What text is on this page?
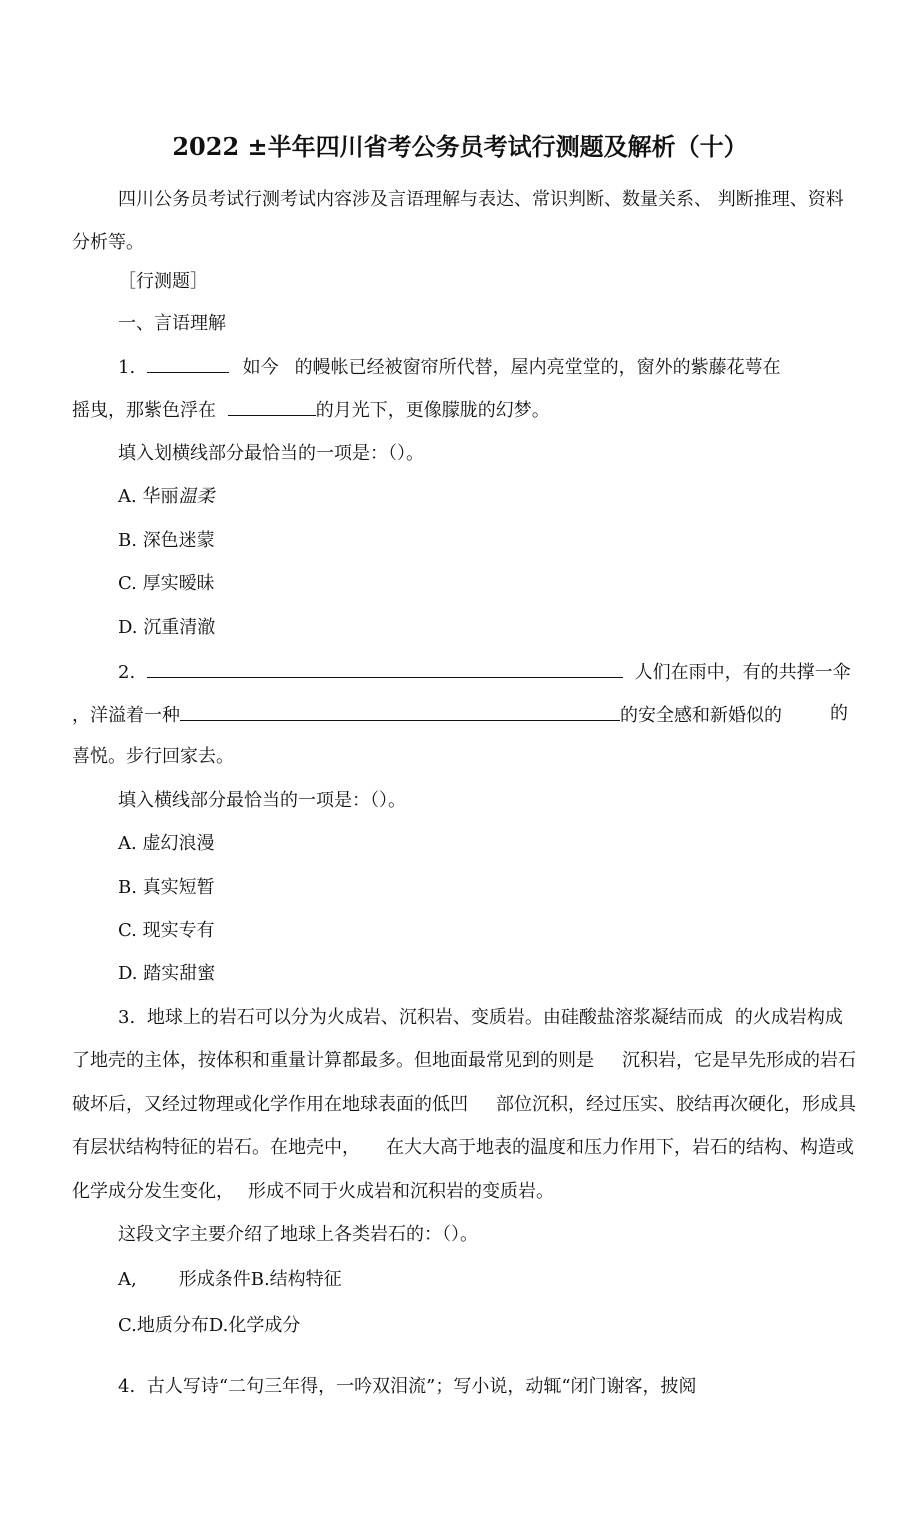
2022 ±半年四川省考公务员考试行测题及解析（十）
四川公务员考试行测考试内容涉及言语理解与表达、常识判断、数量关系、 判断推理、资料
分析等。
［行测题］
一、言语理解
1.	如今 的幔帐已经被窗帘所代替，屋内亮堂堂的，窗外的紫藤花萼在
摇曳，那紫色浮在	的月光下，更像朦胧的幻梦。
填入划横线部分最恰当的一项是：（）。
A. 华丽温柔
B. 深色迷蒙
C. 厚实暧昧
D. 沉重清澈
2.	人们在雨中，有的共撑一伞
，洋溢着一种	的安全感和新婚似的	的
喜悦。步行回家去。
填入横线部分最恰当的一项是：（）。
A. 虚幻浪漫
B. 真实短暂
C. 现实专有
D. 踏实甜蜜
3. 地球上的岩石可以分为火成岩、沉积岩、变质岩。由硅酸盐溶浆凝结而成 的火成岩构成
了地壳的主体，按体积和重量计算都最多。但地面最常见到的则是 沉积岩，它是早先形成的岩石
破坏后，又经过物理或化学作用在地球表面的低凹 部位沉积，经过压实、胶结再次硬化，形成具
有层状结构特征的岩石。在地壳中， 在大大高于地表的温度和压力作用下，岩石的结构、构造或
化学成分发生变化， 形成不同于火成岩和沉积岩的变质岩。
这段文字主要介绍了地球上各类岩石的：（）。
A, 形成条件B.结构特征
C.地质分布D.化学成分
4. 古人写诗“二句三年得，一吟双泪流”；写小说，动辄“闭门谢客，披阅
